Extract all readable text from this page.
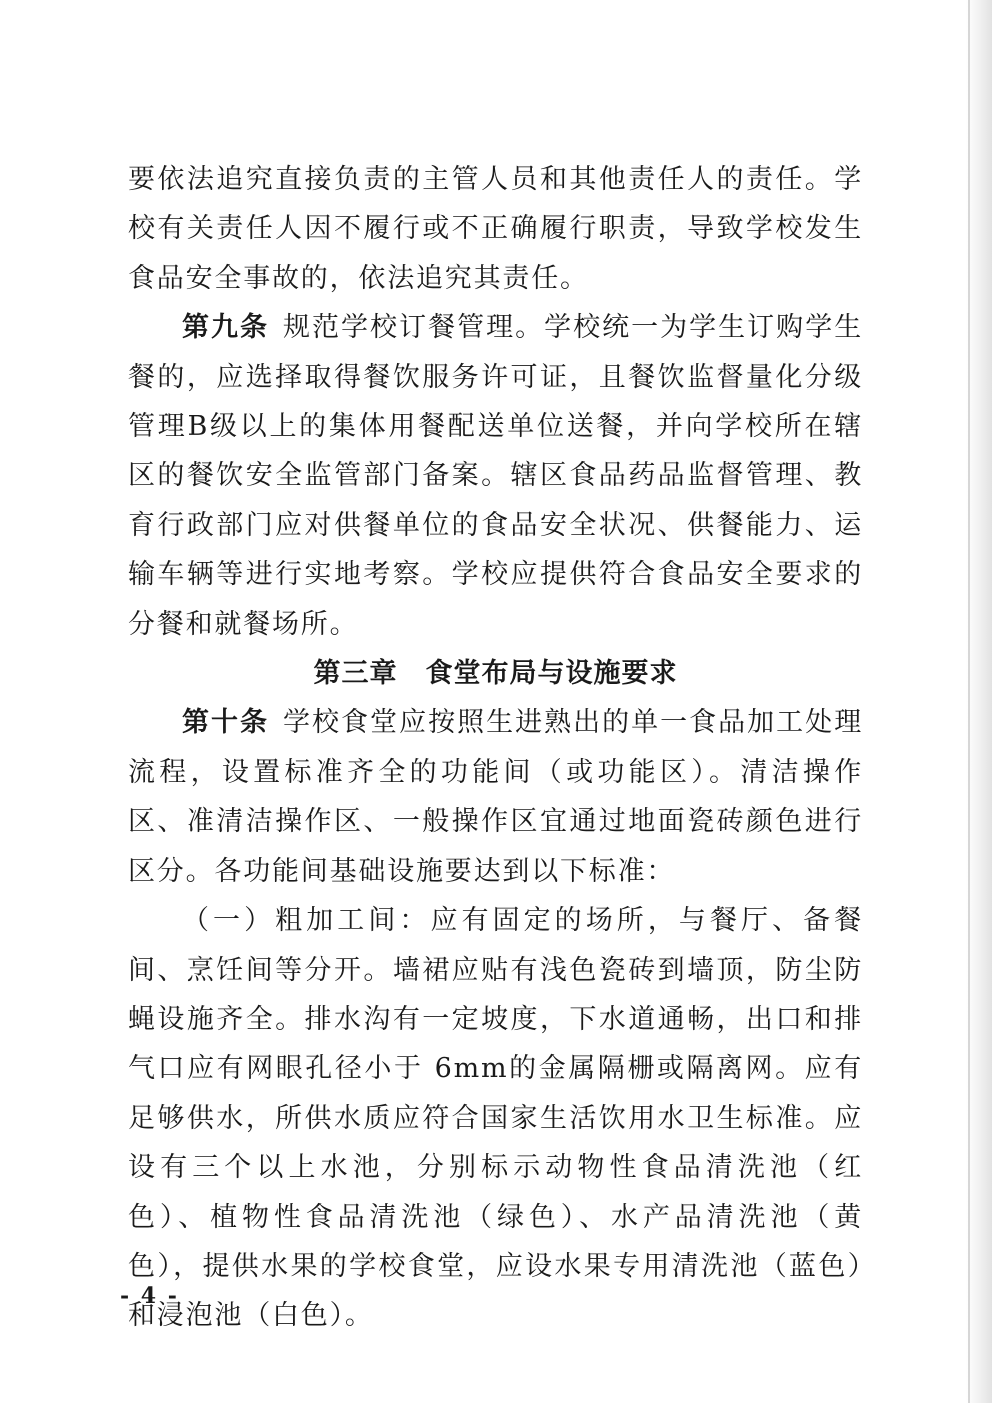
要依法追究直接负责的主管人员和其他责任人的责任。学校有关责任人因不履行或不正确履行职责，导致学校发生食品安全事故的，依法追究其责任。

第九条 规范学校订餐管理。学校统一为学生订购学生餐的，应选择取得餐饮服务许可证，且餐饮监督量化分级管理B级以上的集体用餐配送单位送餐，并向学校所在辖区的餐饮安全监管部门备案。辖区食品药品监督管理、教育行政部门应对供餐单位的食品安全状况、供餐能力、运输车辆等进行实地考察。学校应提供符合食品安全要求的分餐和就餐场所。

第三章　食堂布局与设施要求

第十条 学校食堂应按照生进熟出的单一食品加工处理流程，设置标准齐全的功能间（或功能区）。清洁操作区、准清洁操作区、一般操作区宜通过地面瓷砖颜色进行区分。各功能间基础设施要达到以下标准：

（一）粗加工间：应有固定的场所，与餐厅、备餐间、烹饪间等分开。墙裙应贴有浅色瓷砖到墙顶，防尘防蝇设施齐全。排水沟有一定坡度，下水道通畅，出口和排气口应有网眼孔径小于 6mm的金属隔栅或隔离网。应有足够供水，所供水质应符合国家生活饮用水卫生标准。应设有三个以上水池，分别标示动物性食品清洗池（红色）、植物性食品清洗池（绿色）、水产品清洗池（黄色），提供水果的学校食堂，应设水果专用清洗池（蓝色）和浸泡池（白色）。

- 4 -
